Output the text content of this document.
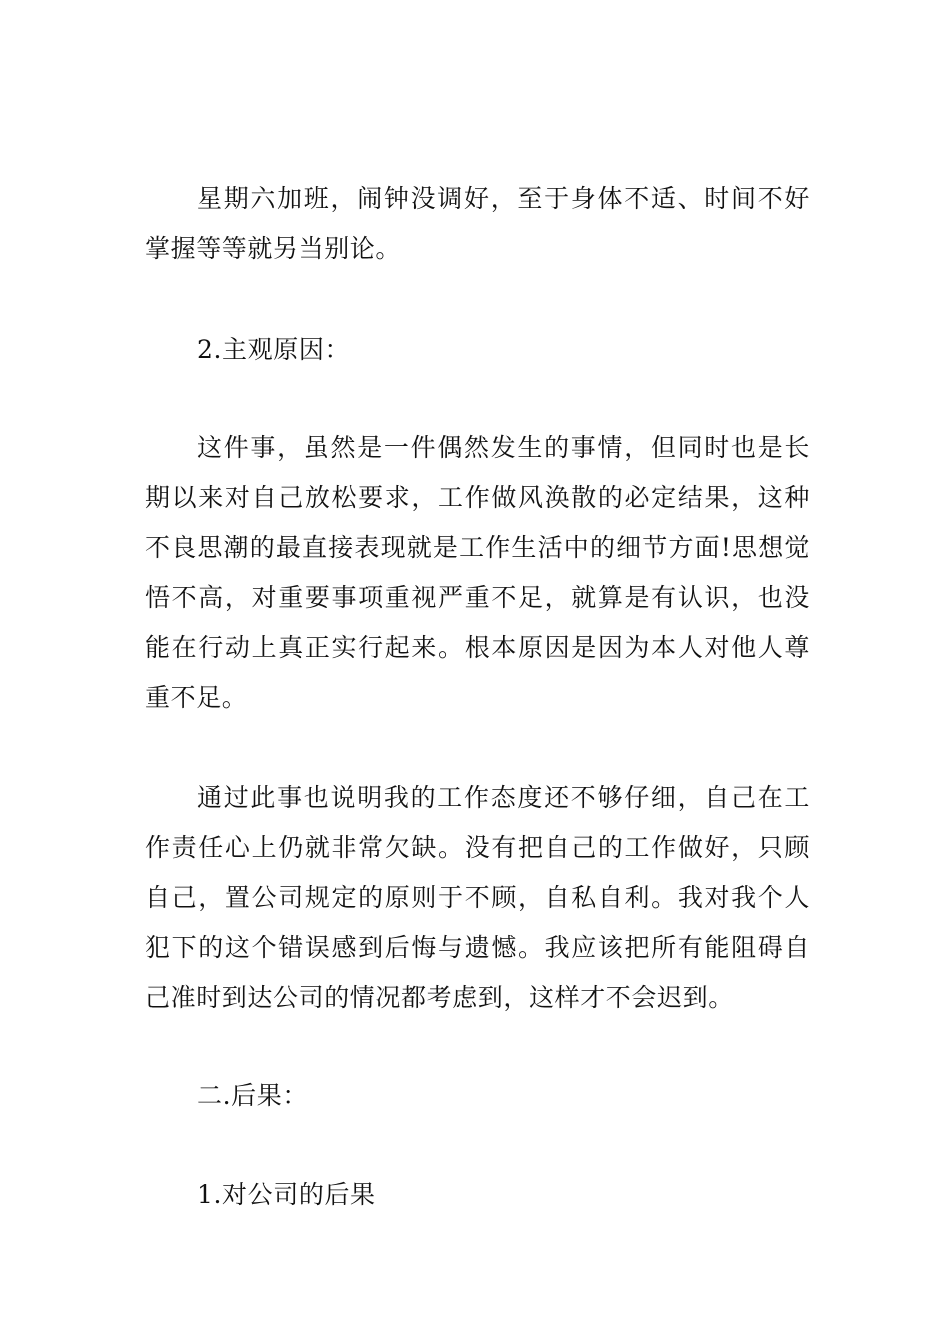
星期六加班，闹钟没调好，至于身体不适、时间不好掌握等等就另当别论。

2.主观原因：

这件事，虽然是一件偶然发生的事情，但同时也是长期以来对自己放松要求，工作做风涣散的必定结果，这种不良思潮的最直接表现就是工作生活中的细节方面!思想觉悟不高，对重要事项重视严重不足，就算是有认识，也没能在行动上真正实行起来。根本原因是因为本人对他人尊重不足。

通过此事也说明我的工作态度还不够仔细，自己在工作责任心上仍就非常欠缺。没有把自己的工作做好，只顾自己，置公司规定的原则于不顾，自私自利。我对我个人犯下的这个错误感到后悔与遗憾。我应该把所有能阻碍自己准时到达公司的情况都考虑到，这样才不会迟到。

二.后果：

1.对公司的后果
